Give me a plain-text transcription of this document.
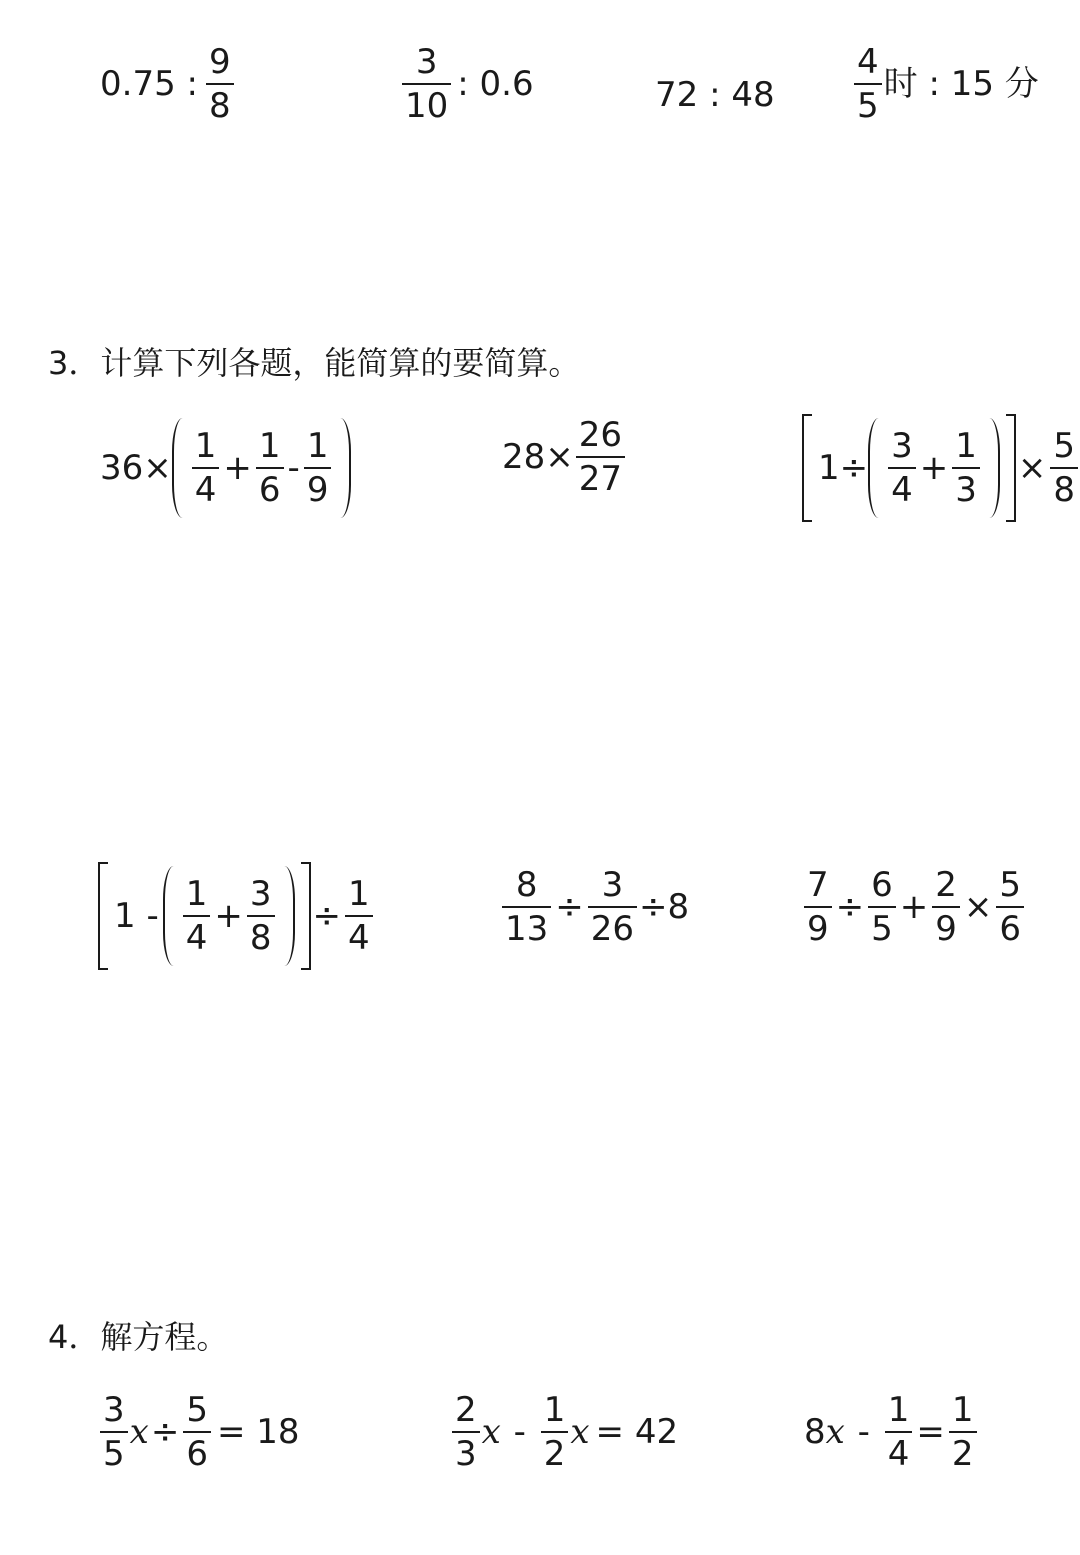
0.75 : $\frac{9}{8}$	$\frac{3}{10}$ : 0.6	72 : $48 \frac{4}{5}$ 时 : 15 分
3．计算下列各题，能简算的要简算。
$36\times \frac{1}{4} + \frac{1}{6} - \frac{1}{9}$	$28\times \frac{26}{27}$	$1\div \frac{3}{4} + \frac{1}{3} \times \frac{5}{8}$
$1 - \frac{1}{4} + \frac{3}{8} \div \frac{1}{4}$	$\frac{8}{13} \div \frac{3}{26} \div 8$	$\frac{7}{9} \div \frac{6}{5} + \frac{2}{9} \times \frac{5}{6}$
4．解方程。
$\frac{3}{5}$ $x \div \frac{5}{6} = 18$	$\frac{2}{3}$ x - $\frac{1}{2}$ x = 42	8 $x - \frac{1}{4} = \frac{1}{2}$
